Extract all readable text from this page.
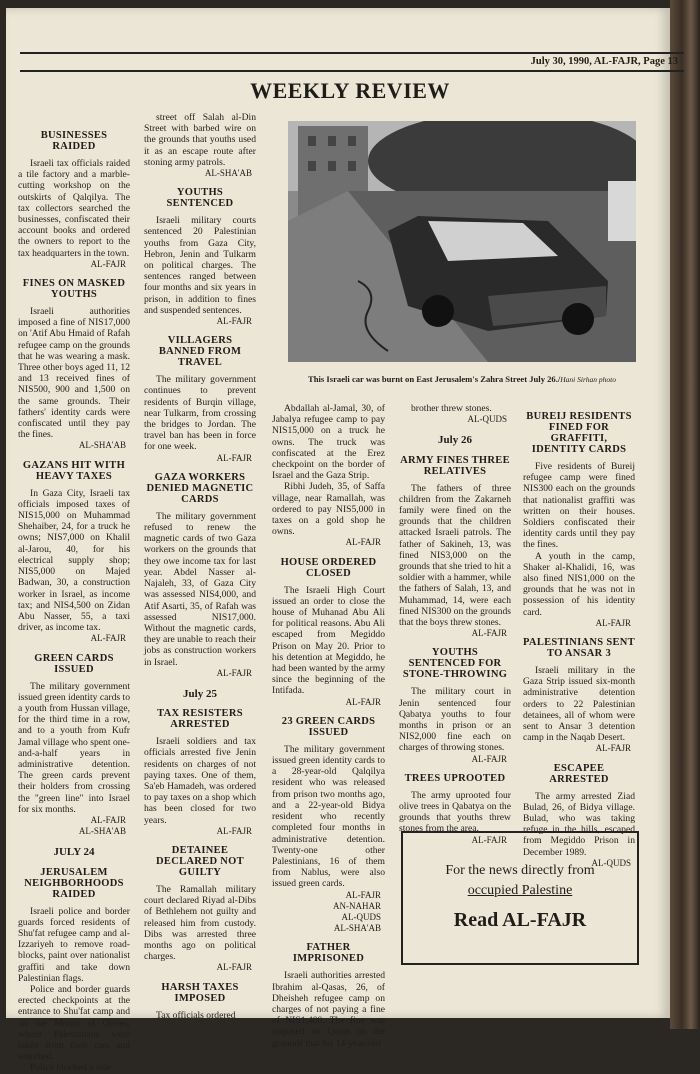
July 30, 1990, AL-FAJR, Page 13
WEEKLY REVIEW
BUSINESSES RAIDED

Israeli tax officials raided a tile factory and a marble-cutting workshop on the outskirts of Qalqilya. The tax collectors searched the businesses, confiscated their account books and ordered the owners to report to the tax headquarters in the town.

AL-FAJR
FINES ON MASKED YOUTHS

Israeli authorities imposed a fine of NIS17,000 on 'Atif Abu Hmaid of Rafah refugee camp on the grounds that he was wearing a mask. Three other boys aged 11, 12 and 13 received fines of NIS500, 900 and 1,500 on the same grounds. Their fathers' identity cards were confiscated until they pay the fines.

AL-SHA'AB
GAZANS HIT WITH HEAVY TAXES

In Gaza City, Israeli tax officials imposed taxes of NIS15,000 on Muhammad Shehaiber, 24, for a truck he owns; NIS7,000 on Khalil al-Jarou, 40, for his electrical supply shop; NIS5,000 on Majed Badwan, 30, a construction worker in Israel, as income tax; and NIS4,500 on Zidan Abu Nasser, 55, a taxi driver, as income tax.

AL-FAJR
GREEN CARDS ISSUED

The military government issued green identity cards to a youth from Hussan village, for the third time in a row, and to a youth from Kufr Jamal village who spent one-and-a-half years in administrative detention. The green cards prevent their holders from crossing the "green line" into Israel for six months.

AL-FAJR
AL-SHA'AB
JULY 24
JERUSALEM NEIGHBORHOODS RAIDED

Israeli police and border guards forced residents of Shu'fat refugee camp and al-Izzariyeh to remove road-blocks, paint over nationalist graffiti and take down Palestinian flags.

Police and border guards erected checkpoints at the entrance to Shu'fat camp and on the Mount of Olives, where Palestinians were taken from their cars and searched.

Police blocked a side

street off Salah al-Din Street with barbed wire on the grounds that youths used it as an escape route after stoning army patrols.

AL-SHA'AB
YOUTHS SENTENCED

Israeli military courts sentenced 20 Palestinian youths from Gaza City, Hebron, Jenin and Tulkarm on political charges. The sentences ranged between four months and six years in prison, in addition to fines and suspended sentences.

AL-FAJR
VILLAGERS BANNED FROM TRAVEL

The military government continues to prevent residents of Burqin village, near Tulkarm, from crossing the bridges to Jordan. The travel ban has been in force for one week.

AL-FAJR
GAZA WORKERS DENIED MAGNETIC CARDS

The military government refused to renew the magnetic cards of two Gaza workers on the grounds that they owe income tax for last year. Abdel Nasser al-Najaleh, 33, of Gaza City was assessed NIS4,000, and Atif Asarti, 35, of Rafah was assessed NIS17,000. Without the magnetic cards, they are unable to reach their jobs as construction workers in Israel.

AL-FAJR
July 25
TAX RESISTERS ARRESTED

Israeli soldiers and tax officials arrested five Jenin residents on charges of not paying taxes. One of them, Sa'eb Hamadeh, was ordered to pay taxes on a shop which has been closed for two years.

AL-FAJR
DETAINEE DECLARED NOT GUILTY

The Ramallah military court declared Riyad al-Dibs of Bethlehem not guilty and released him from custody. Dibs was arrested three months ago on political charges.

AL-FAJR
HARSH TAXES IMPOSED

Tax officials ordered

This Israeli car was burnt on East Jerusalem's Zahra Street July 26./Hani Sirhan photo

Abdallah al-Jamal, 30, of Jabalya refugee camp to pay NIS15,000 on a truck he owns. The truck was confiscated at the Erez checkpoint on the border of Israel and the Gaza Strip.

Ribhi Judeh, 35, of Saffa village, near Ramallah, was ordered to pay NIS5,000 in taxes on a gold shop he owns.

AL-FAJR
HOUSE ORDERED CLOSED

The Israeli High Court issued an order to close the house of Muhanad Abu Ali for political reasons. Abu Ali escaped from Megiddo Prison on May 20. Prior to his detention at Megiddo, he had been wanted by the army since the beginning of the Intifada.

AL-FAJR
23 GREEN CARDS ISSUED

The military government issued green identity cards to a 28-year-old Qalqilya resident who was released from prison two months ago, and a 22-year-old Bidya resident who recently completed four months in administrative detention. Twenty-one other Palestinians, 16 of them from Nablus, were also issued green cards.

AL-FAJR
AN-NAHAR
AL-QUDS
AL-SHA'AB
FATHER IMPRISONED

Israeli authorities arrested Ibrahim al-Qasas, 26, of Dheisheh refugee camp on charges of not paying a fine of NIS1,400. The fine was imposed on Qasas on the grounds that his 14-year-old

brother threw stones.

AL-QUDS
July 26
ARMY FINES THREE RELATIVES

The fathers of three children from the Zakarneh family were fined on the grounds that the children attacked Israeli patrols. The father of Sakineh, 13, was fined NIS3,000 on the grounds that she tried to hit a soldier with a hammer, while the fathers of Salah, 13, and Muhammad, 14, were each fined NIS300 on the grounds that the boys threw stones.

AL-FAJR
YOUTHS SENTENCED FOR STONE-THROWING

The military court in Jenin sentenced four Qabatya youths to four months in prison or an NIS2,000 fine each on charges of throwing stones.

AL-FAJR
TREES UPROOTED

The army uprooted four olive trees in Qabatya on the grounds that youths threw stones from the area.

AL-FAJR
BUREIJ RESIDENTS FINED FOR GRAFFITI, IDENTITY CARDS

Five residents of Bureij refugee camp were fined NIS300 each on the grounds that nationalist graffiti was written on their houses. Soldiers confiscated their identity cards until they pay the fines.

A youth in the camp, Shaker al-Khalidi, 16, was also fined NIS1,000 on the grounds that he was not in possession of his identity card.

AL-FAJR
PALESTINIANS SENT TO ANSAR 3

Israeli military in the Gaza Strip issued six-month administrative detention orders to 22 Palestinian detainees, all of whom were sent to Ansar 3 detention camp in the Naqab Desert.

AL-FAJR
ESCAPEE ARRESTED

The army arrested Ziad Bulad, 26, of Bidya village. Bulad, who was taking refuge in the hills, escaped from Megiddo Prison in December 1989.

AL-QUDS
For the news directly from
occupied Palestine
Read AL-FAJR
